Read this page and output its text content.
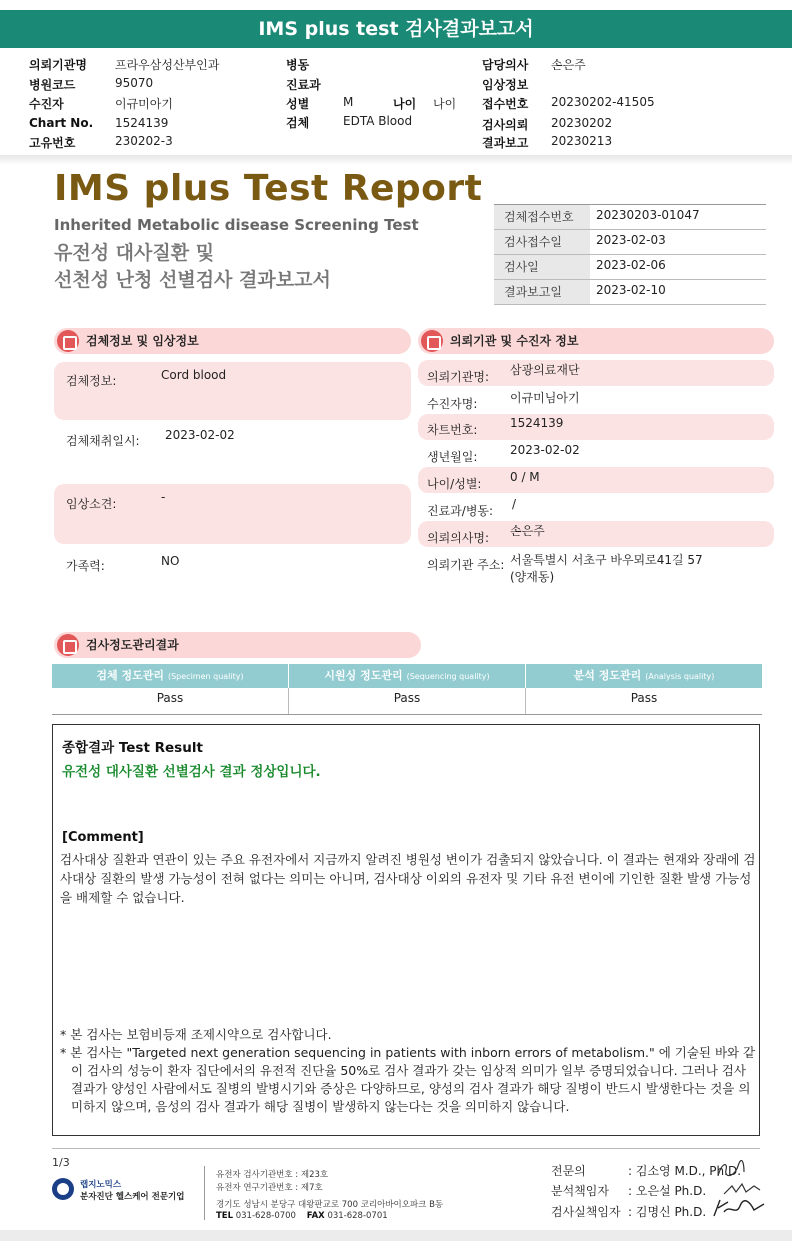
IMS plus test 검사결과보고서
의뢰기관명 프라우삼성산부인과
병원코드	95070
수진자	이규미아기
Chart No. 1524139
고유번호	230202-3
병동
진료과
성별	M	나이 나이
검체	EDTA Blood
담당의사 손은주
임상정보
접수번호 20230202-41505
검사의뢰 20230202
결과보고 20230213
IMS plus Test Report
Inherited Metabolic disease Screening Test
유전성 대사질환 및
선천성 난청 선별검사 결과보고서
검체접수번호	20230203-01047
검사접수일	2023-02-03
검사일	2023-02-06
결과보고일	2023-02-10
검체정보 및 임상정보
검체정보:	Cord blood
검체채취일시: 2023-02-02
임상소견:	-
가족력:	NO
의뢰기관 및 수진자 정보
의뢰기관명: 삼광의료재단
수진자명:	이규미님아기
차트번호:	1524139
생년월일:	2023-02-02
나이/성별: 0 / M
진료과/병동: /
의뢰의사명: 손은주
의뢰기관 주소: 서울특별시 서초구 바우뫼로41길 57
(양재동)
검사정도관리결과
검체 정도관리 (Specimen quality)	시원싱 정도관리 (Sequencing quality)	분석 정도관리 (Analysis quality)
Pass	Pass	Pass
종합결과 Test Result
유전성 대사질환 선별검사 결과 정상입니다.
[Comment]
검사대상 질환과 연관이 있는 주요 유전자에서 지금까지 알려진 병원성 변이가 검출되지 않았습니다. 이 결과는 현재와 장래에 검사대상 질환의 발생 가능성이 전혀 없다는 의미는 아니며, 검사대상 이외의 유전자 및 기타 유전 변이에 기인한 질환 발생 가능성을 배제할 수 없습니다.
* 본 검사는 보험비등재 조제시약으로 검사합니다.
* 본 검사는 "Targeted next generation sequencing in patients with inborn errors of metabolism." 에 기술된 바와 같이 검사의 성능이 환자 집단에서의 유전적 진단율 50%로 검사 결과가 갖는 임상적 의미가 일부 증명되었습니다. 그러나 검사 결과가 양성인 사람에서도 질병의 발병시기와 증상은 다양하므로, 양성의 검사 결과가 해당 질병이 반드시 발생한다는 것을 의미하지 않으며, 음성의 검사 결과가 해당 질병이 발생하지 않는다는 것을 의미하지 않습니다.
1/3
랩지노믹스
분자진단 헬스케어 전문기업
유전자 검사기관번호 : 제23호
유전자 연구기관번호 : 제7호
경기도 성남시 분당구 대왕판교로 700 코리아바이오파크 B동
TEL 031-628-0700 FAX 031-628-0701
전문의	: 김소영 M.D., Ph.D.
분석책임자	: 오은설 Ph.D.
검사실책임자 : 김명신 Ph.D.
